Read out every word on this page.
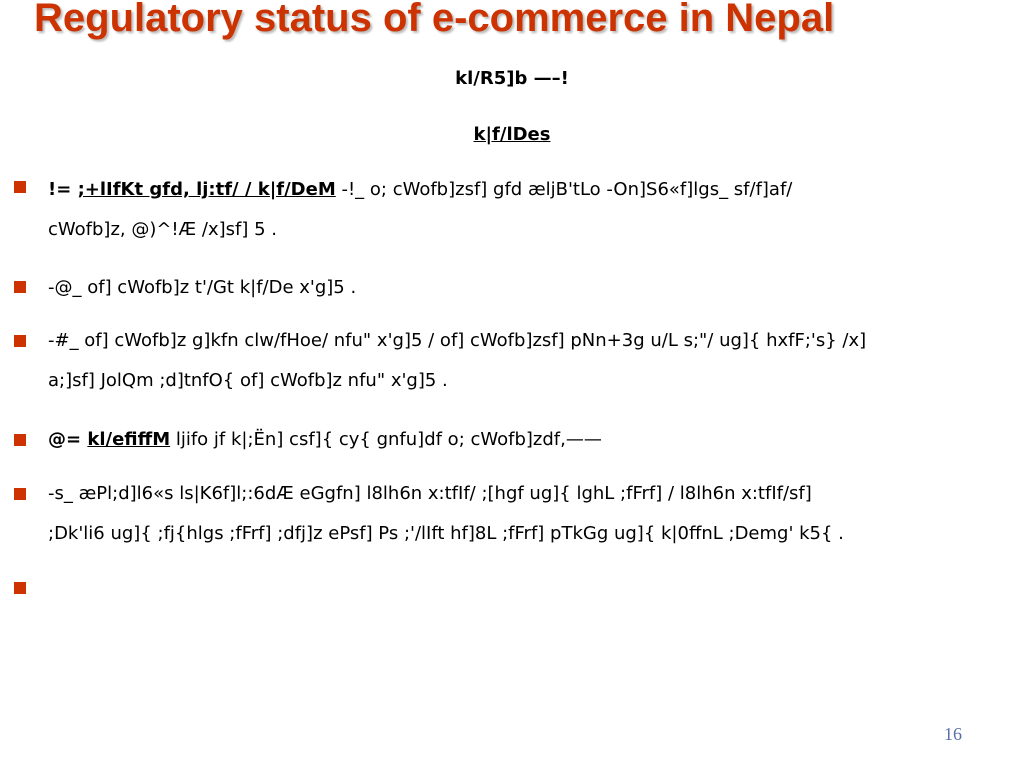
Regulatory status of e-commerce in Nepal
kl/R5]b —–!
k|f/lDes
!= ;+lIfKt gfd, lj:tf/ / k|f/DeM -!_ o; cWofb]zsf] gfd æljB'tLo -On]S6«f]lgs_ sf/f]af/
cWofb]z, @)^!Æ /x]sf] 5 .
-@_ of] cWofb]z t'/Gt k|f/De x'g]5 .
-#_ of] cWofb]z g]kfn clw/fHoe/ nfu" x'g]5 / of] cWofb]zsf] pNn+3g u/L s;"/ ug]{ hxfF;'s} /x]
a;]sf] JolQm ;d]tnfO{ of] cWofb]z nfu" x'g]5 .
@= kl/efiffM ljifo jf k|;Ën] csf]{ cy{ gnfu]df o; cWofb]zdf,——
-s_ æPl;d]l6«s ls|K6f]l;:6dÆ eGgfn] l8lh6n x:tfIf/ ;[hgf ug]{ lghL ;fFrf] / l8lh6n x:tfIf/sf]
;Dk'li6 ug]{ ;fj{hlgs ;fFrf] ;dfj]z ePsf] Ps ;'/lIft hf]8L ;fFrf] pTkGg ug]{ k|0ffnL ;Demg' k5{ .
16
